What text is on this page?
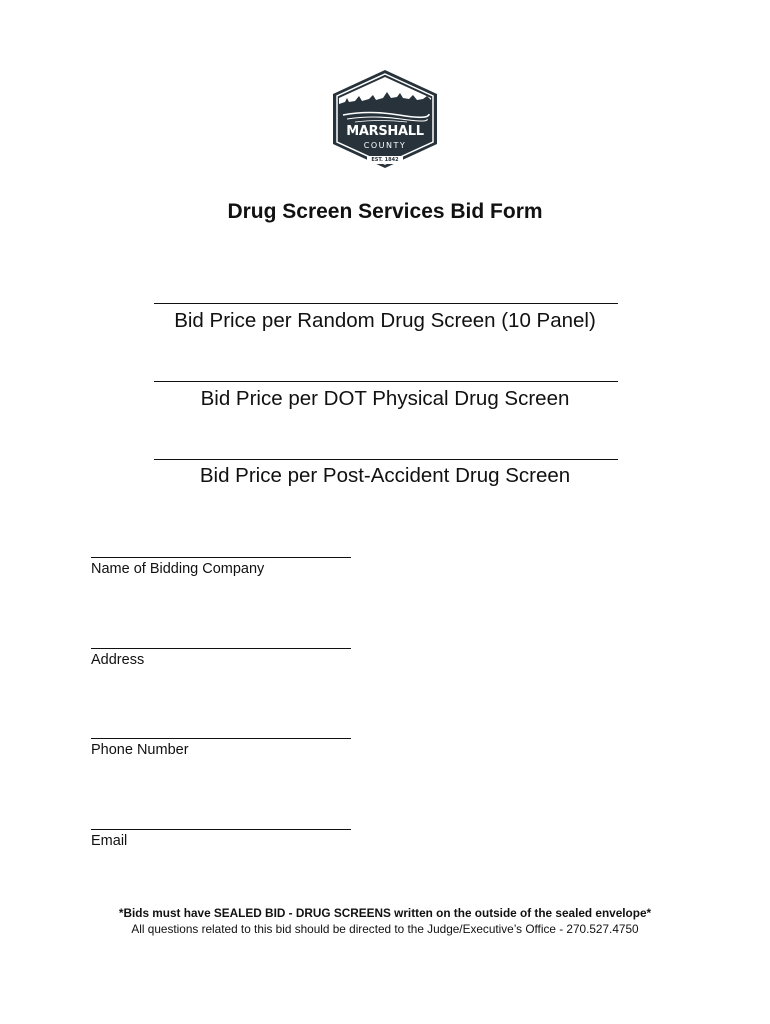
MARSHALL
COUNTY
EST. 1842
Drug Screen Services Bid Form
Bid Price per Random Drug Screen (10 Panel)
Bid Price per DOT Physical Drug Screen
Bid Price per Post-Accident Drug Screen
Name of Bidding Company
Address
Phone Number
Email
*Bids must have SEALED BID - DRUG SCREENS written on the outside of the sealed envelope*
All questions related to this bid should be directed to the Judge/Executive’s Office - 270.527.4750
